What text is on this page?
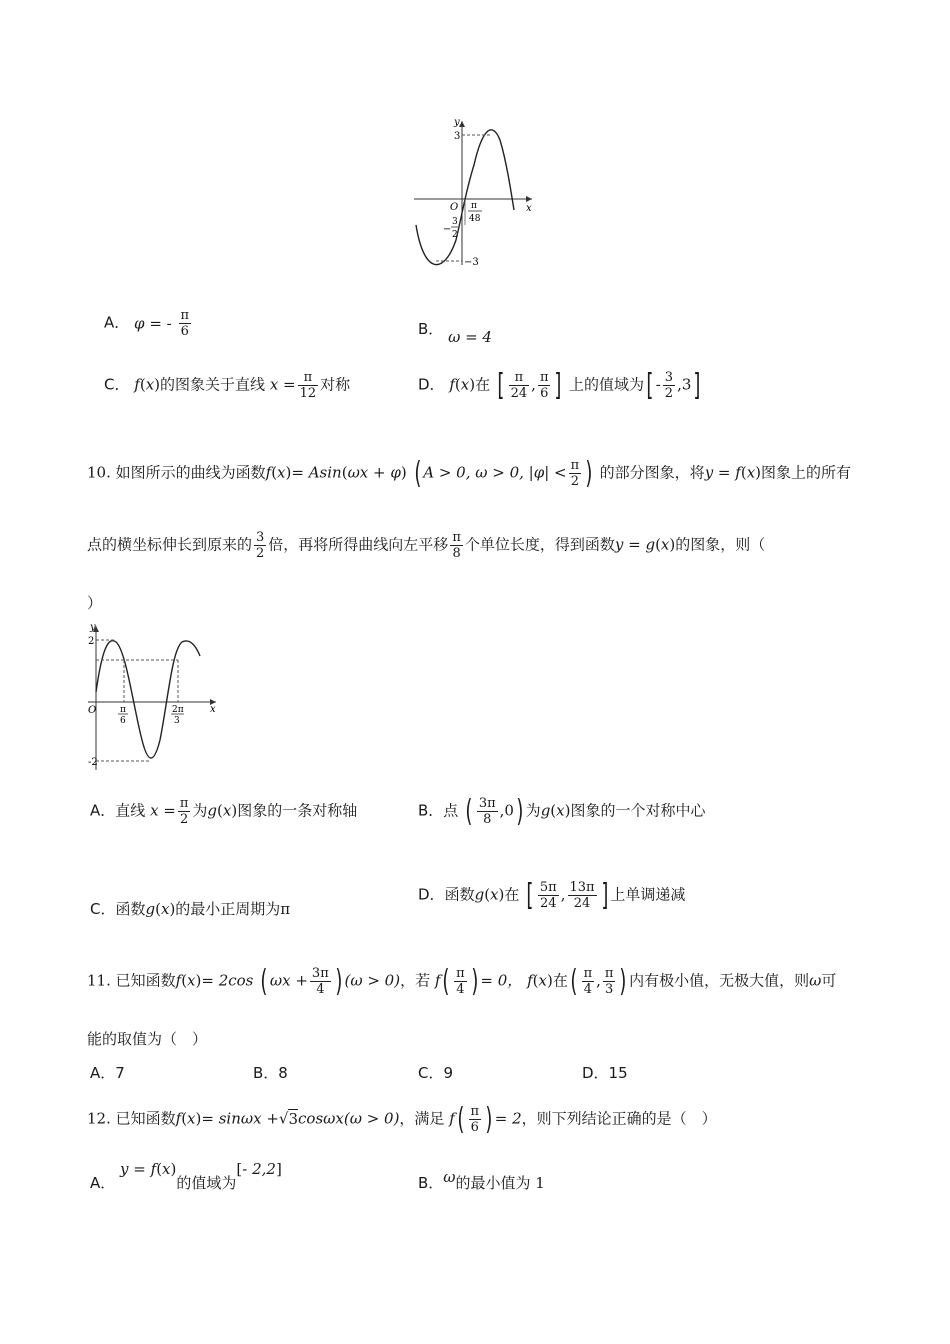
y
x
O
3
−3
−
3
2
π
48
A． φ = - $\frac{\pi}{6}$	B． ω = 4
C． f(x)的图象关于直线 $x = \frac{\pi}{12}$ 对称	D． f(x)在 [ $\frac{\pi}{24}$ , $\frac{\pi}{6}$ ] 上的值域为[ - $\frac{3}{2} ,3$]
10. 如图所示的曲线为函数f(x)= Asin(ωx + φ) ( A > 0, ω > 0, $|\varphi| < \frac{\pi}{2}$ ) 的部分图象，将y = f(x)图象上的所有
点的横坐标伸长到原来的 $\frac{3}{2}$ 倍，再将所得曲线向左平移 $\frac{\pi}{8}$ 个单位长度，得到函数y = g(x)的图象，则（
）
y
x
O
2
-2
π
6
2π
3
A．直线 $x = \frac{\pi}{2}$ 为g(x)图象的一条对称轴	B．点 ( $\frac{3\pi}{8} ,0$) 为g(x)图象的一个对称中心
C．函数g(x)的最小正周期为π
D．函数g(x)在 [ $\frac{5\pi}{24}$ , $\frac{13\pi}{24}$ ] 上单调递减
11. 已知函数f(x)= 2cos ( $\omega x + \frac{3\pi}{4}$ ) (ω > 0)，若 $f( \frac{\pi}{4}$ ) = 0， f(x)在( $\frac{\pi}{4}$ , $\frac{\pi}{3}$ ) 内有极小值，无极大值，则ω可
能的取值为（　）
A．7	B．8	C．9	D．15
12. 已知函数f(x)= sinωx +√3cosωx(ω > 0)，满足 $f( \frac{\pi}{6}$ ) = 2，则下列结论正确的是（　）
A． y = f(x)的值域为[- 2,2]
B．ω的最小值为 1
